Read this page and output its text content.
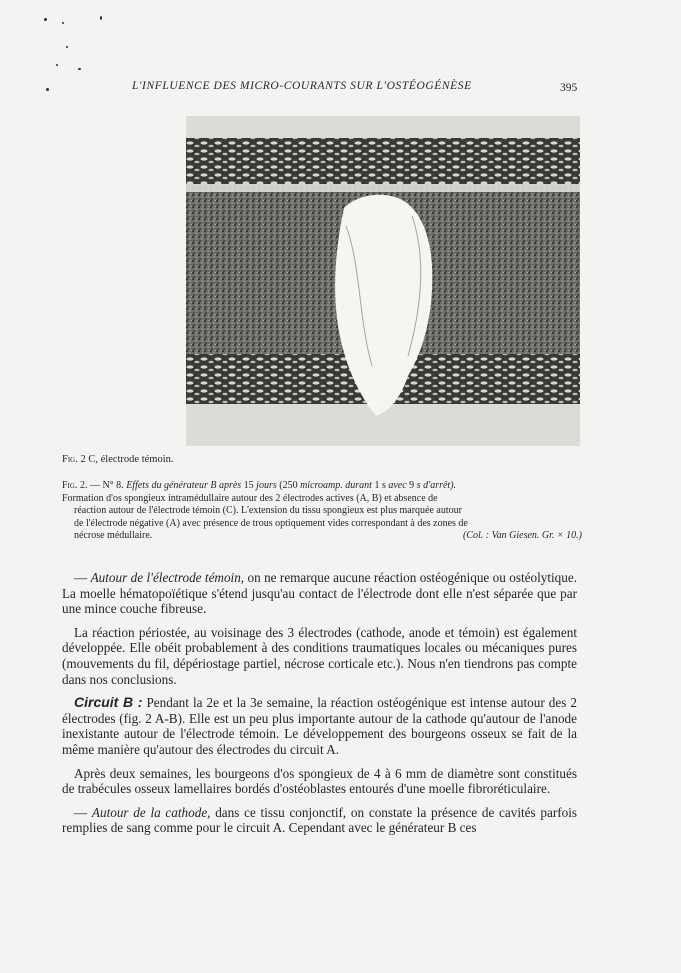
L'INFLUENCE DES MICRO-COURANTS SUR L'OSTÉOGÉNÈSE	395
Fig. 2 C, électrode témoin.

Fig. 2. — N° 8. Effets du générateur B après 15 jours (250 microamp. durant 1 s avec 9 s d'arrêt).

Formation d'os spongieux intramédullaire autour des 2 électrodes actives (A, B) et absence de

réaction autour de l'électrode témoin (C). L'extension du tissu spongieux est plus marquée autour

de l'électrode négative (A) avec présence de trous optiquement vides correspondant à des zones de

nécrose médullaire.	(Col. : Van Giesen. Gr. × 10.)

— Autour de l'électrode témoin, on ne remarque aucune réaction ostéogénique ou ostéolytique. La moelle hématopoïétique s'étend jusqu'au contact de l'électrode dont elle n'est séparée que par une mince couche fibreuse.

La réaction périostée, au voisinage des 3 électrodes (cathode, anode et témoin) est également développée. Elle obéit probablement à des conditions traumatiques locales ou mécaniques pures (mouvements du fil, dépériostage partiel, nécrose corticale etc.). Nous n'en tiendrons pas compte dans nos conclusions.

Circuit B : Pendant la 2e et la 3e semaine, la réaction ostéogénique est intense autour des 2 électrodes (fig. 2 A-B). Elle est un peu plus importante autour de la cathode qu'autour de l'anode inexistante autour de l'électrode témoin. Le développement des bourgeons osseux se fait de la même manière qu'autour des électrodes du circuit A.

Après deux semaines, les bourgeons d'os spongieux de 4 à 6 mm de diamètre sont constitués de trabécules osseux lamellaires bordés d'ostéoblastes entourés d'une moelle fibroréticulaire.

— Autour de la cathode, dans ce tissu conjonctif, on constate la présence de cavités parfois remplies de sang comme pour le circuit A. Cependant avec le générateur B ces
